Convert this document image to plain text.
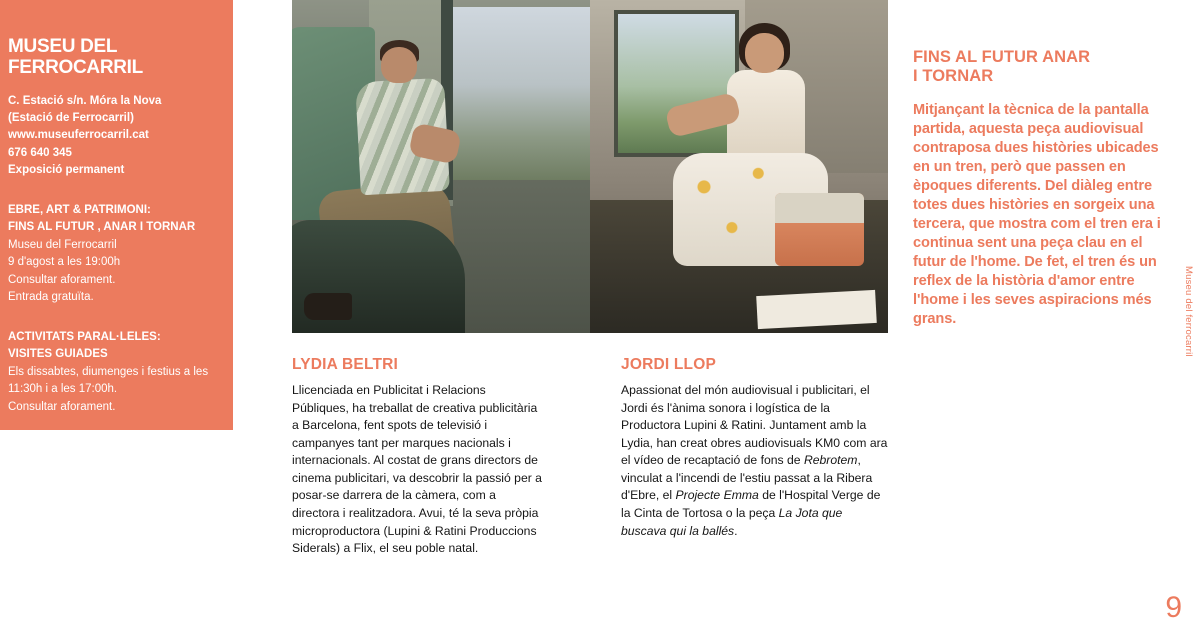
MUSEU DEL
FERROCARRIL
C. Estació s/n. Móra la Nova
(Estació de Ferrocarril)
www.museuferrocarril.cat
676 640 345
Exposició permanent
EBRE, ART & PATRIMONI:
FINS AL FUTUR , ANAR I TORNAR
Museu del Ferrocarril
9 d'agost a les 19:00h
Consultar aforament.
Entrada gratuïta.
ACTIVITATS PARAL·LELES:
VISITES GUIADES
Els dissabtes, diumenges i festius a les
11:30h i a les 17:00h.
Consultar aforament.
FINS AL FUTUR ANAR
I TORNAR

Mitjançant la tècnica de la pantalla partida, aquesta peça audiovisual contraposa dues històries ubicades en un tren, però que passen en èpoques diferents. Del diàleg entre totes dues històries en sorgeix una tercera, que mostra com el tren era i continua sent una peça clau en el futur de l'home. De fet, el tren és un reflex de la història d'amor entre l'home i les seves aspiracions més grans.

LYDIA BELTRI

Llicenciada en Publicitat i Relacions Públiques, ha treballat de creativa publicitària a Barcelona, fent spots de televisió i campanyes tant per marques nacionals i internacionals. Al costat de grans directors de cinema publicitari, va descobrir la passió per a posar-se darrera de la càmera, com a directora i realitzadora. Avui, té la seva pròpia microproductora (Lupini & Ratini Produccions Siderals) a Flix, el seu poble natal.

JORDI LLOP

Apassionat del món audiovisual i publicitari, el Jordi és l'ànima sonora i logística de la Productora Lupini & Ratini. Juntament amb la Lydia, han creat obres audiovisuals KM0 com ara el vídeo de recaptació de fons de Rebrotem, vinculat a l'incendi de l'estiu passat a la Ribera d'Ebre, el Projecte Emma de l'Hospital Verge de la Cinta de Tortosa o la peça La Jota que buscava qui la ballés.

Museu del ferrocarril
9
